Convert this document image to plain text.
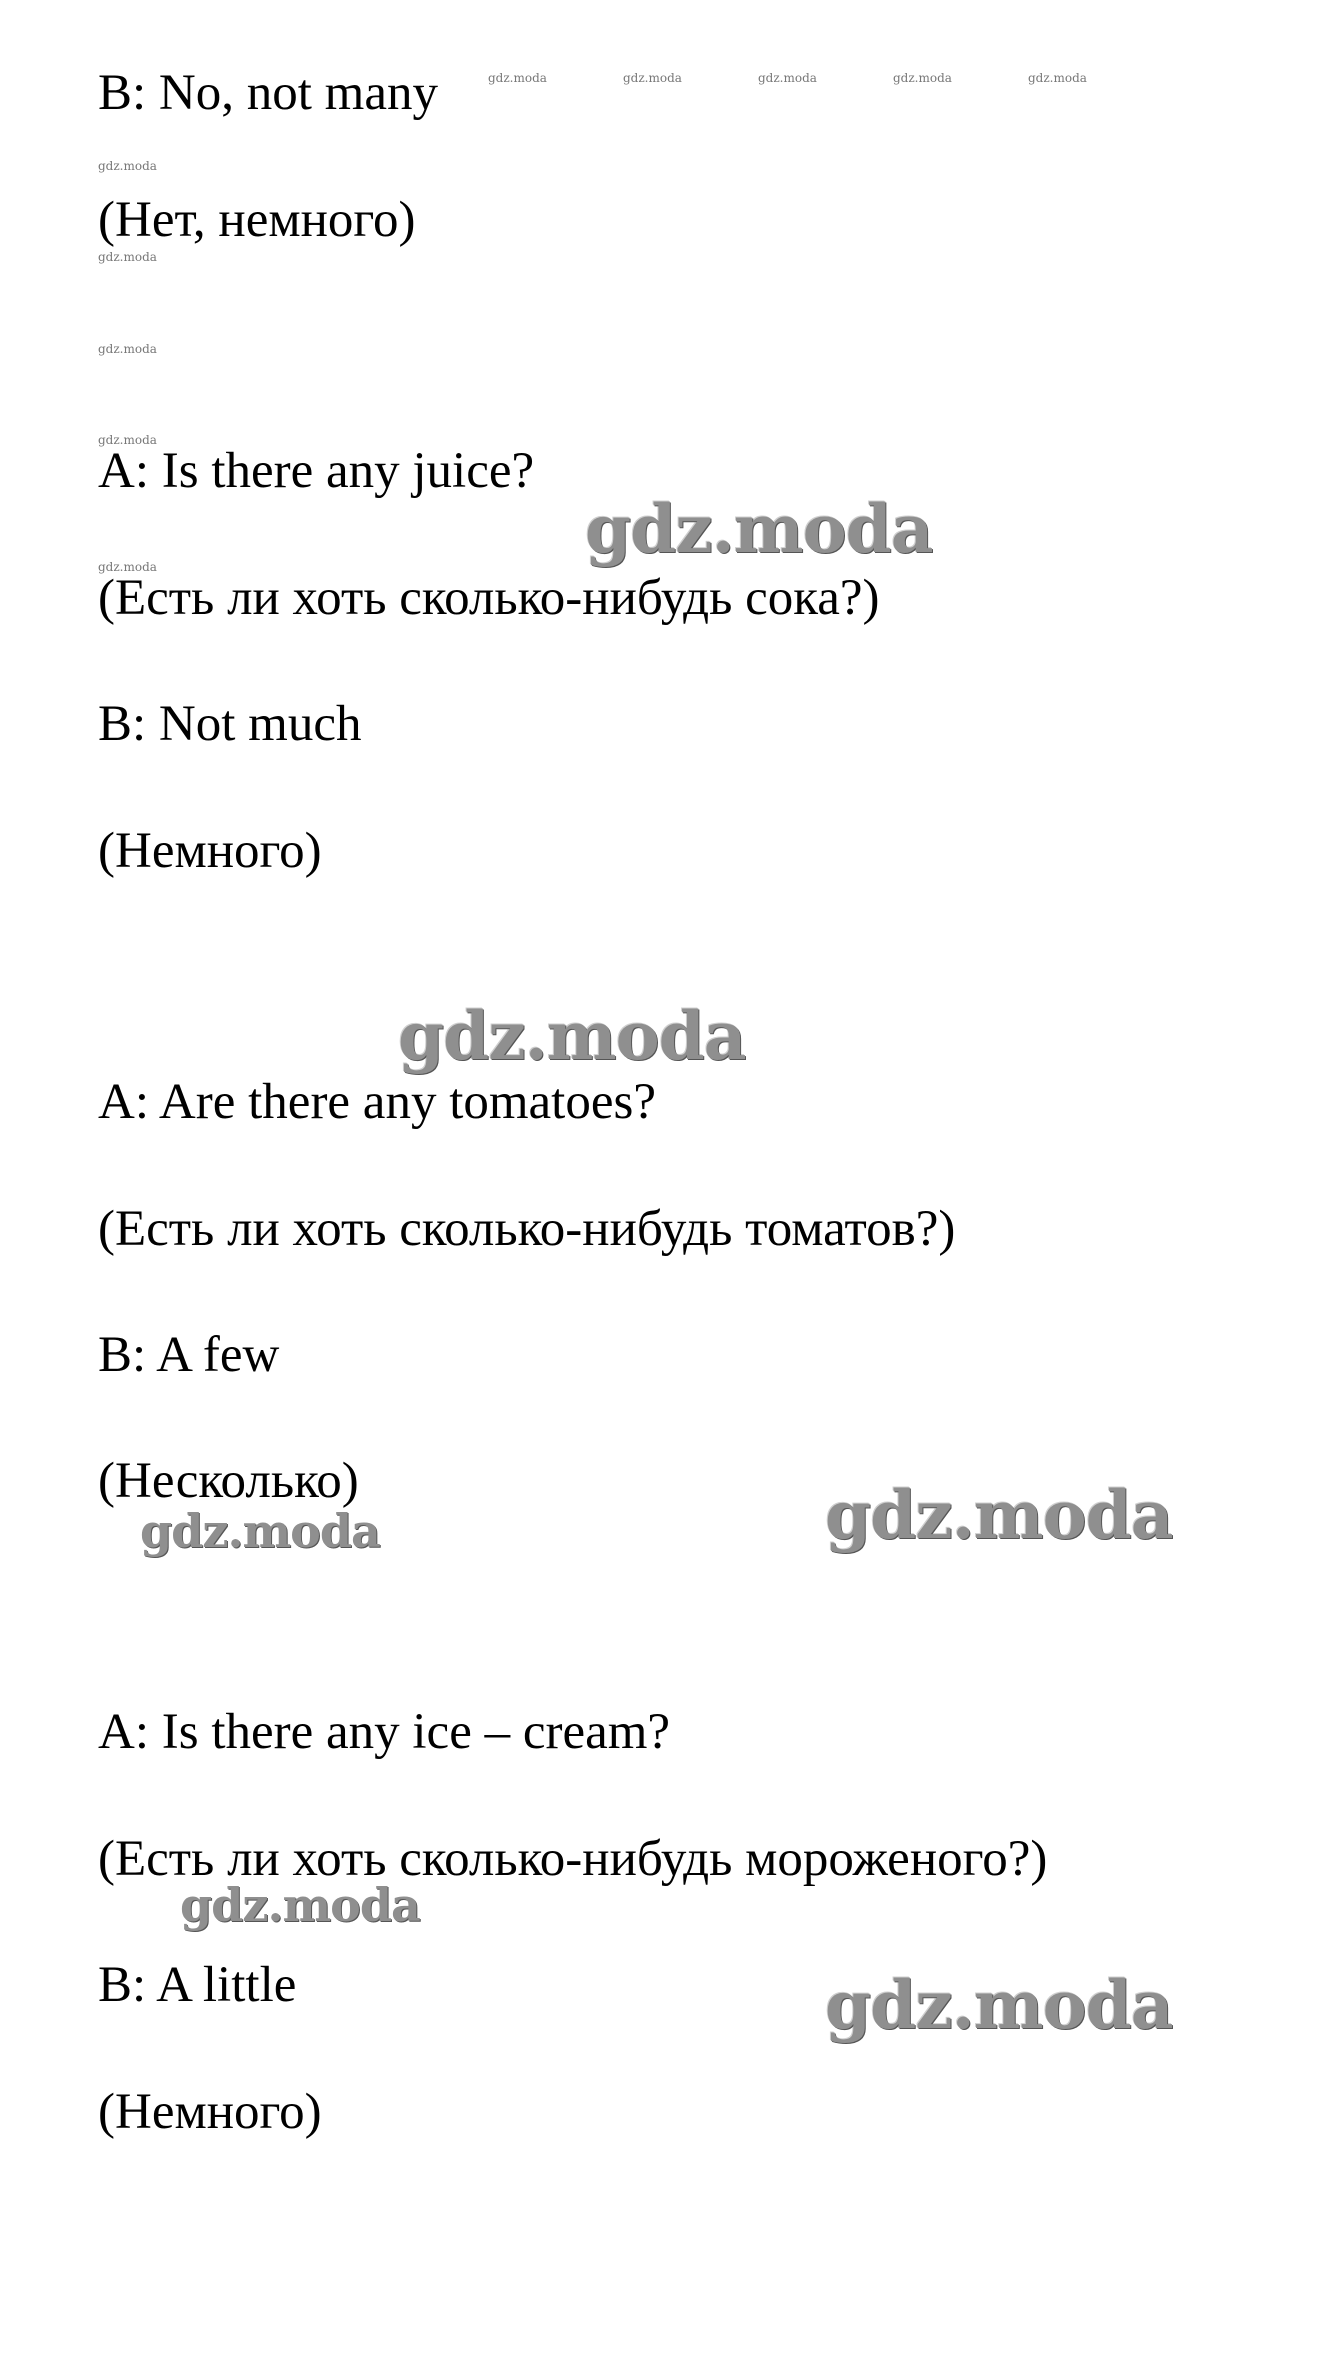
B: No, not many

(Нет, немного)

A: Is there any juice?

(Есть ли хоть сколько-нибудь сока?)

B: Not much

(Немного)

A: Are there any tomatoes?

(Есть ли хоть сколько-нибудь томатов?)

B: A few

(Несколько)

A: Is there any ice – cream?

(Есть ли хоть сколько-нибудь мороженого?)

B: A little

(Немного)

gdz.moda	gdz.moda	gdz.moda	gdz.moda	gdz.moda
gdz.moda
gdz.moda
gdz.moda
gdz.moda
gdz.moda	gdz.moda
gdz.moda
gdz.moda
gdz.moda
gdz.moda
gdz.moda
